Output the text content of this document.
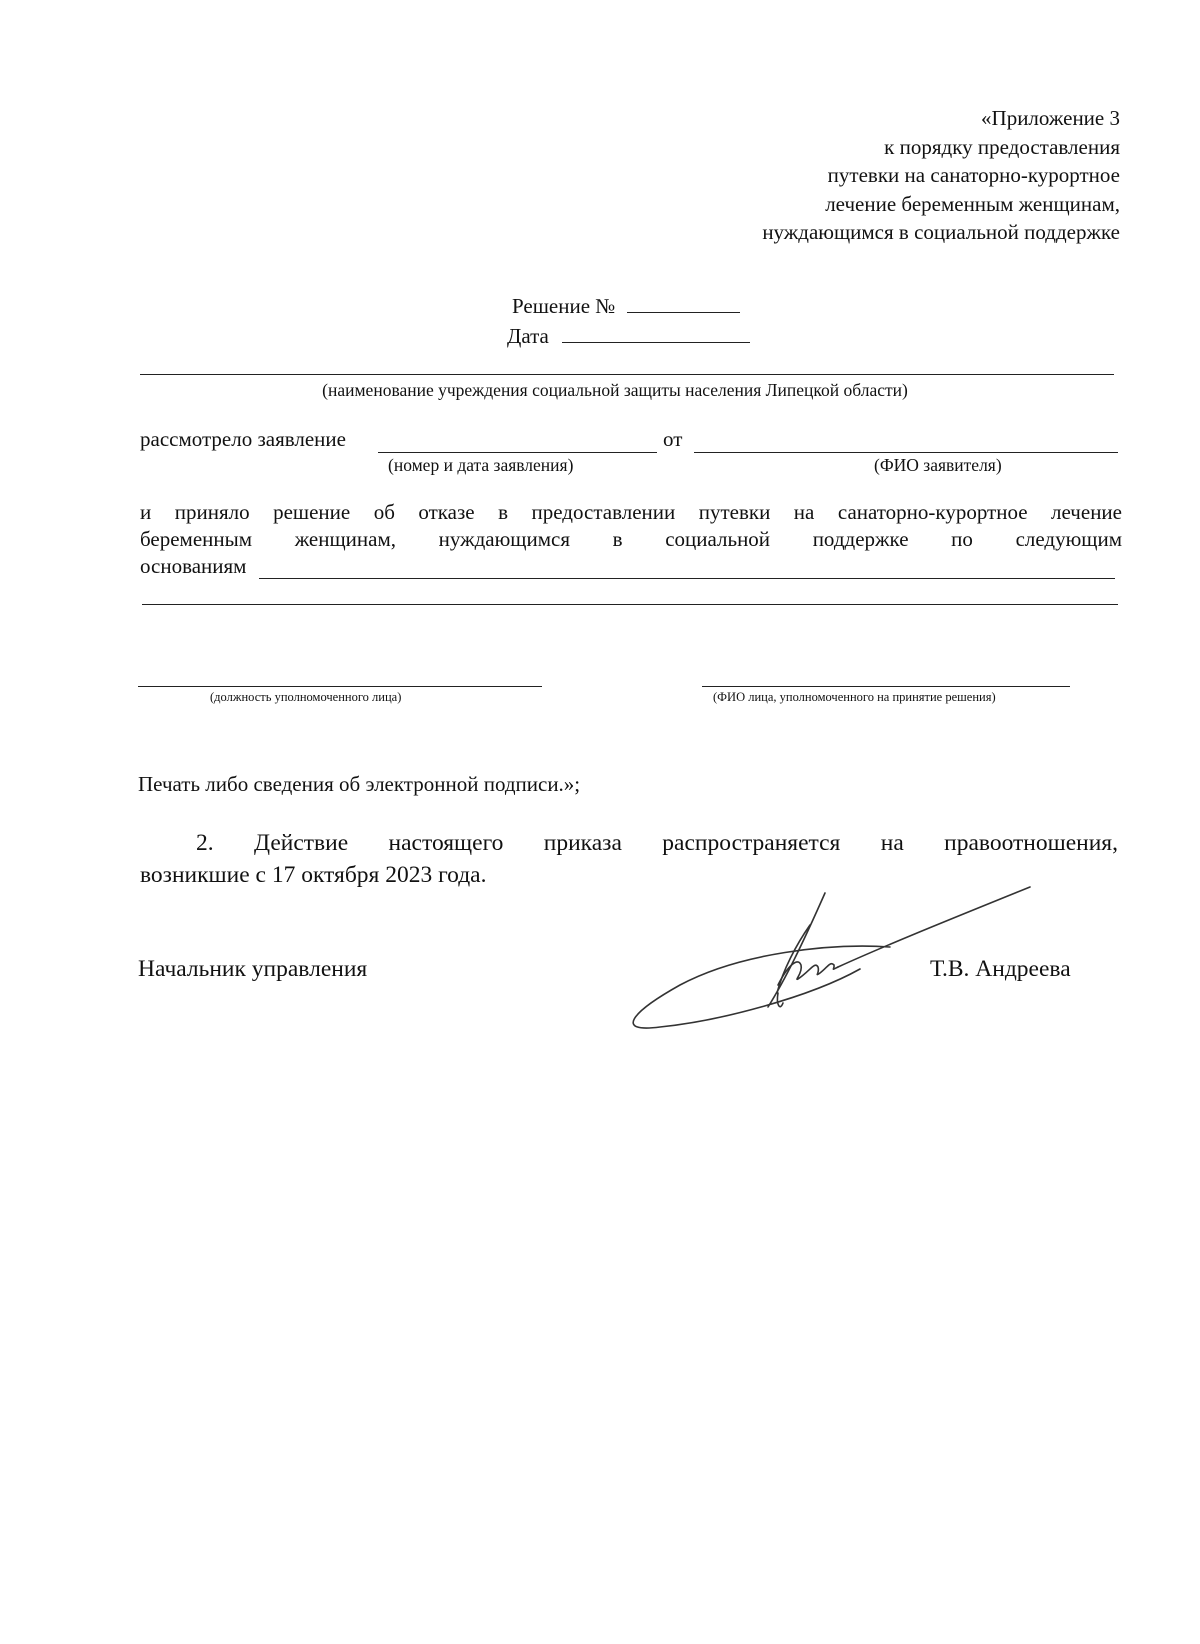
«Приложение 3
к порядку предоставления
путевки на санаторно-курортное
лечение беременным женщинам,
нуждающимся в социальной поддержке
Решение №
Дата
(наименование учреждения социальной защиты населения Липецкой области)
рассмотрело заявление	от
(номер и дата заявления)	(ФИО заявителя)
и приняло решение об отказе в предоставлении путевки на санаторно-курортное лечение
беременным женщинам, нуждающимся в социальной поддержке по следующим
основаниям
(должность уполномоченного лица)	(ФИО лица, уполномоченного на принятие решения)
Печать либо сведения об электронной подписи.»;
2. Действие настоящего приказа распространяется на правоотношения,
возникшие с 17 октября 2023 года.
Начальник управления	Т.В. Андреева
